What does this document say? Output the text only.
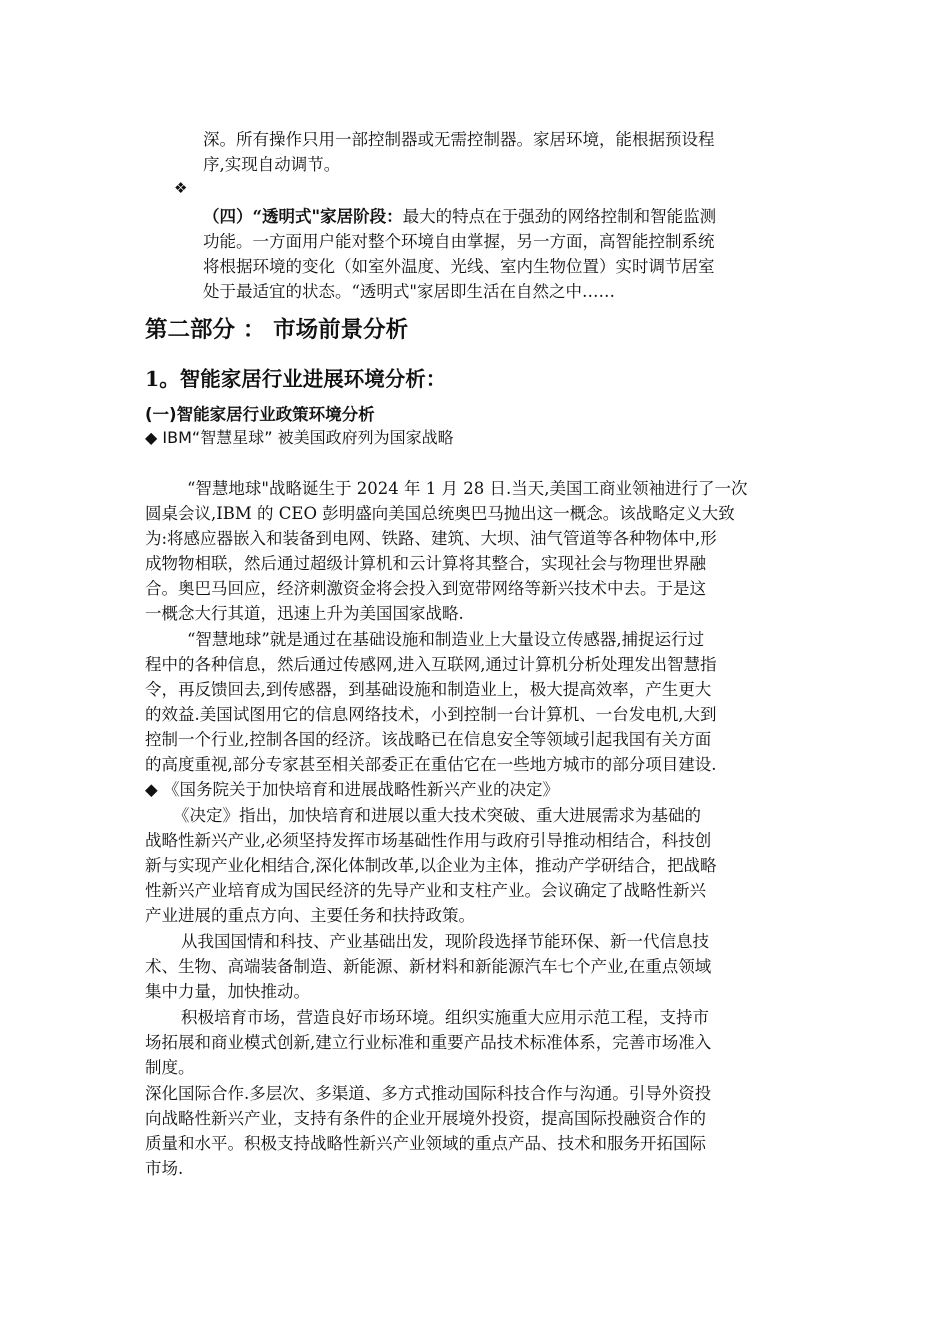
深。所有操作只用一部控制器或无需控制器。家居环境，能根据预设程
序,实现自动调节。
❖
（四）“透明式"家居阶段：最大的特点在于强劲的网络控制和智能监测
功能。一方面用户能对整个环境自由掌握，另一方面，高智能控制系统
将根据环境的变化（如室外温度、光线、室内生物位置）实时调节居室
处于最适宜的状态。“透明式"家居即生活在自然之中……
第二部分 ： 市场前景分析
1。智能家居行业进展环境分析：
(一)智能家居行业政策环境分析
◆ IBM“智慧星球” 被美国政府列为国家战略
“智慧地球"战略诞生于 2024 年 1 月 28 日.当天,美国工商业领袖进行了一次
圆桌会议,IBM 的 CEO 彭明盛向美国总统奥巴马抛出这一概念。该战略定义大致
为:将感应器嵌入和装备到电网、铁路、建筑、大坝、油气管道等各种物体中,形
成物物相联，然后通过超级计算机和云计算将其整合，实现社会与物理世界融
合。奥巴马回应，经济刺激资金将会投入到宽带网络等新兴技术中去。于是这
一概念大行其道，迅速上升为美国国家战略.
“智慧地球”就是通过在基础设施和制造业上大量设立传感器,捕捉运行过
程中的各种信息，然后通过传感网,进入互联网,通过计算机分析处理发出智慧指
令，再反馈回去,到传感器，到基础设施和制造业上，极大提高效率，产生更大
的效益.美国试图用它的信息网络技术，小到控制一台计算机、一台发电机,大到
控制一个行业,控制各国的经济。该战略已在信息安全等领域引起我国有关方面
的高度重视,部分专家甚至相关部委正在重估它在一些地方城市的部分项目建设.
◆ 《国务院关于加快培育和进展战略性新兴产业的决定》
《决定》指出，加快培育和进展以重大技术突破、重大进展需求为基础的
战略性新兴产业,必须坚持发挥市场基础性作用与政府引导推动相结合，科技创
新与实现产业化相结合,深化体制改革,以企业为主体，推动产学研结合，把战略
性新兴产业培育成为国民经济的先导产业和支柱产业。会议确定了战略性新兴
产业进展的重点方向、主要任务和扶持政策。
从我国国情和科技、产业基础出发，现阶段选择节能环保、新一代信息技
术、生物、高端装备制造、新能源、新材料和新能源汽车七个产业,在重点领域
集中力量，加快推动。
积极培育市场，营造良好市场环境。组织实施重大应用示范工程，支持市
场拓展和商业模式创新,建立行业标准和重要产品技术标准体系，完善市场准入
制度。
深化国际合作.多层次、多渠道、多方式推动国际科技合作与沟通。引导外资投
向战略性新兴产业，支持有条件的企业开展境外投资，提高国际投融资合作的
质量和水平。积极支持战略性新兴产业领域的重点产品、技术和服务开拓国际
市场.
